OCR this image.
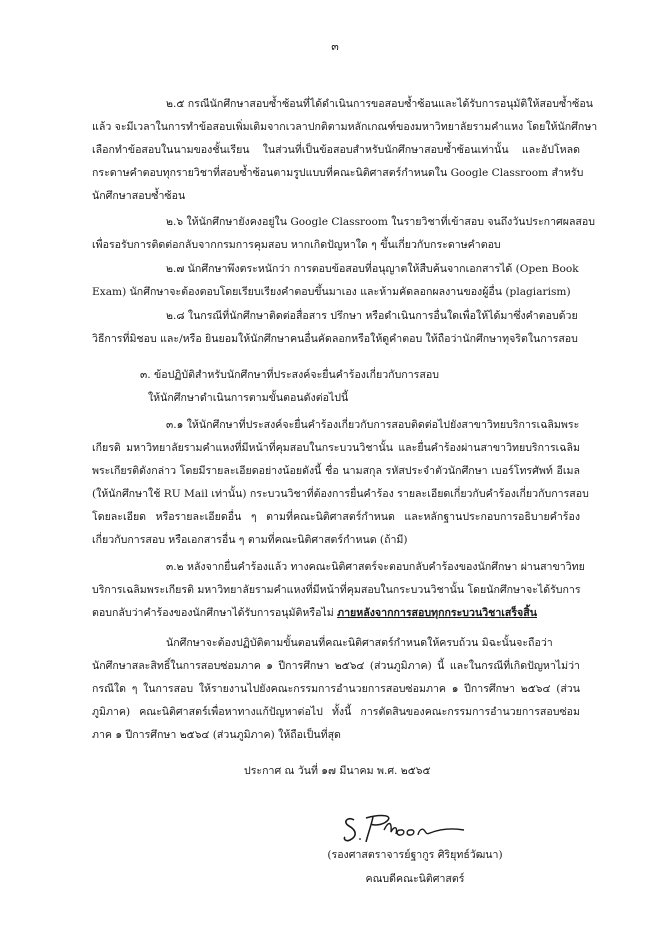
๓
๒.๕ กรณีนักศึกษาสอบซ้ำซ้อนที่ได้ดำเนินการขอสอบซ้ำซ้อนและได้รับการอนุมัติให้สอบซ้ำซ้อน
แล้ว จะมีเวลาในการทำข้อสอบเพิ่มเติมจากเวลาปกติตามหลักเกณฑ์ของมหาวิทยาลัยรามคำแหง โดยให้นักศึกษา
เลือกทำข้อสอบในนามของชั้นเรียน ในส่วนที่เป็นข้อสอบสำหรับนักศึกษาสอบซ้ำซ้อนเท่านั้น และอัปโหลด
กระดาษคำตอบทุกรายวิชาที่สอบซ้ำซ้อนตามรูปแบบที่คณะนิติศาสตร์กำหนดใน Google Classroom สำหรับ
นักศึกษาสอบซ้ำซ้อน
๒.๖ ให้นักศึกษายังคงอยู่ใน Google Classroom ในรายวิชาที่เข้าสอบ จนถึงวันประกาศผลสอบ
เพื่อรอรับการติดต่อกลับจากกรมการคุมสอบ หากเกิดปัญหาใด ๆ ขึ้นเกี่ยวกับกระดาษคำตอบ
๒.๗ นักศึกษาพึงตระหนักว่า การตอบข้อสอบที่อนุญาตให้สืบค้นจากเอกสารได้ (Open Book
Exam) นักศึกษาจะต้องตอบโดยเรียบเรียงคำตอบขึ้นมาเอง และห้ามคัดลอกผลงานของผู้อื่น (plagiarism)
๒.๘ ในกรณีที่นักศึกษาติดต่อสื่อสาร ปรึกษา หรือดำเนินการอื่นใดเพื่อให้ได้มาซึ่งคำตอบด้วย
วิธีการที่มิชอบ และ/หรือ ยินยอมให้นักศึกษาคนอื่นคัดลอกหรือให้ดูคำตอบ ให้ถือว่านักศึกษาทุจริตในการสอบ
๓. ข้อปฏิบัติสำหรับนักศึกษาที่ประสงค์จะยื่นคำร้องเกี่ยวกับการสอบ
ให้นักศึกษาดำเนินการตามขั้นตอนดังต่อไปนี้
๓.๑ ให้นักศึกษาที่ประสงค์จะยื่นคำร้องเกี่ยวกับการสอบติดต่อไปยังสาขาวิทยบริการเฉลิมพระ
เกียรติ มหาวิทยาลัยรามคำแหงที่มีหน้าที่คุมสอบในกระบวนวิชานั้น และยื่นคำร้องผ่านสาขาวิทยบริการเฉลิม
พระเกียรติดังกล่าว โดยมีรายละเอียดอย่างน้อยดังนี้ ชื่อ นามสกุล รหัสประจำตัวนักศึกษา เบอร์โทรศัพท์ อีเมล
(ให้นักศึกษาใช้ RU Mail เท่านั้น) กระบวนวิชาที่ต้องการยื่นคำร้อง รายละเอียดเกี่ยวกับคำร้องเกี่ยวกับการสอบ
โดยละเอียด หรือรายละเอียดอื่น ๆ ตามที่คณะนิติศาสตร์กำหนด และหลักฐานประกอบการอธิบายคำร้อง
เกี่ยวกับการสอบ หรือเอกสารอื่น ๆ ตามที่คณะนิติศาสตร์กำหนด (ถ้ามี)
๓.๒ หลังจากยื่นคำร้องแล้ว ทางคณะนิติศาสตร์จะตอบกลับคำร้องของนักศึกษา ผ่านสาขาวิทย
บริการเฉลิมพระเกียรติ มหาวิทยาลัยรามคำแหงที่มีหน้าที่คุมสอบในกระบวนวิชานั้น โดยนักศึกษาจะได้รับการ
ตอบกลับว่าคำร้องของนักศึกษาได้รับการอนุมัติหรือไม่ ภายหลังจากการสอบทุกกระบวนวิชาเสร็จสิ้น
นักศึกษาจะต้องปฏิบัติตามขั้นตอนที่คณะนิติศาสตร์กำหนดให้ครบถ้วน มิฉะนั้นจะถือว่า
นักศึกษาสละสิทธิ์ในการสอบซ่อมภาค ๑ ปีการศึกษา ๒๕๖๔ (ส่วนภูมิภาค) นี้ และในกรณีที่เกิดปัญหาไม่ว่า
กรณีใด ๆ ในการสอบ ให้รายงานไปยังคณะกรรมการอำนวยการสอบซ่อมภาค ๑ ปีการศึกษา ๒๕๖๔ (ส่วน
ภูมิภาค) คณะนิติศาสตร์เพื่อหาทางแก้ปัญหาต่อไป ทั้งนี้ การตัดสินของคณะกรรมการอำนวยการสอบซ่อม
ภาค ๑ ปีการศึกษา ๒๕๖๔ (ส่วนภูมิภาค) ให้ถือเป็นที่สุด
ประกาศ ณ วันที่ ๑๗ มีนาคม พ.ศ. ๒๕๖๕
(รองศาสตราจารย์ฐากูร ศิริยุทธ์วัฒนา)
คณบดีคณะนิติศาสตร์
